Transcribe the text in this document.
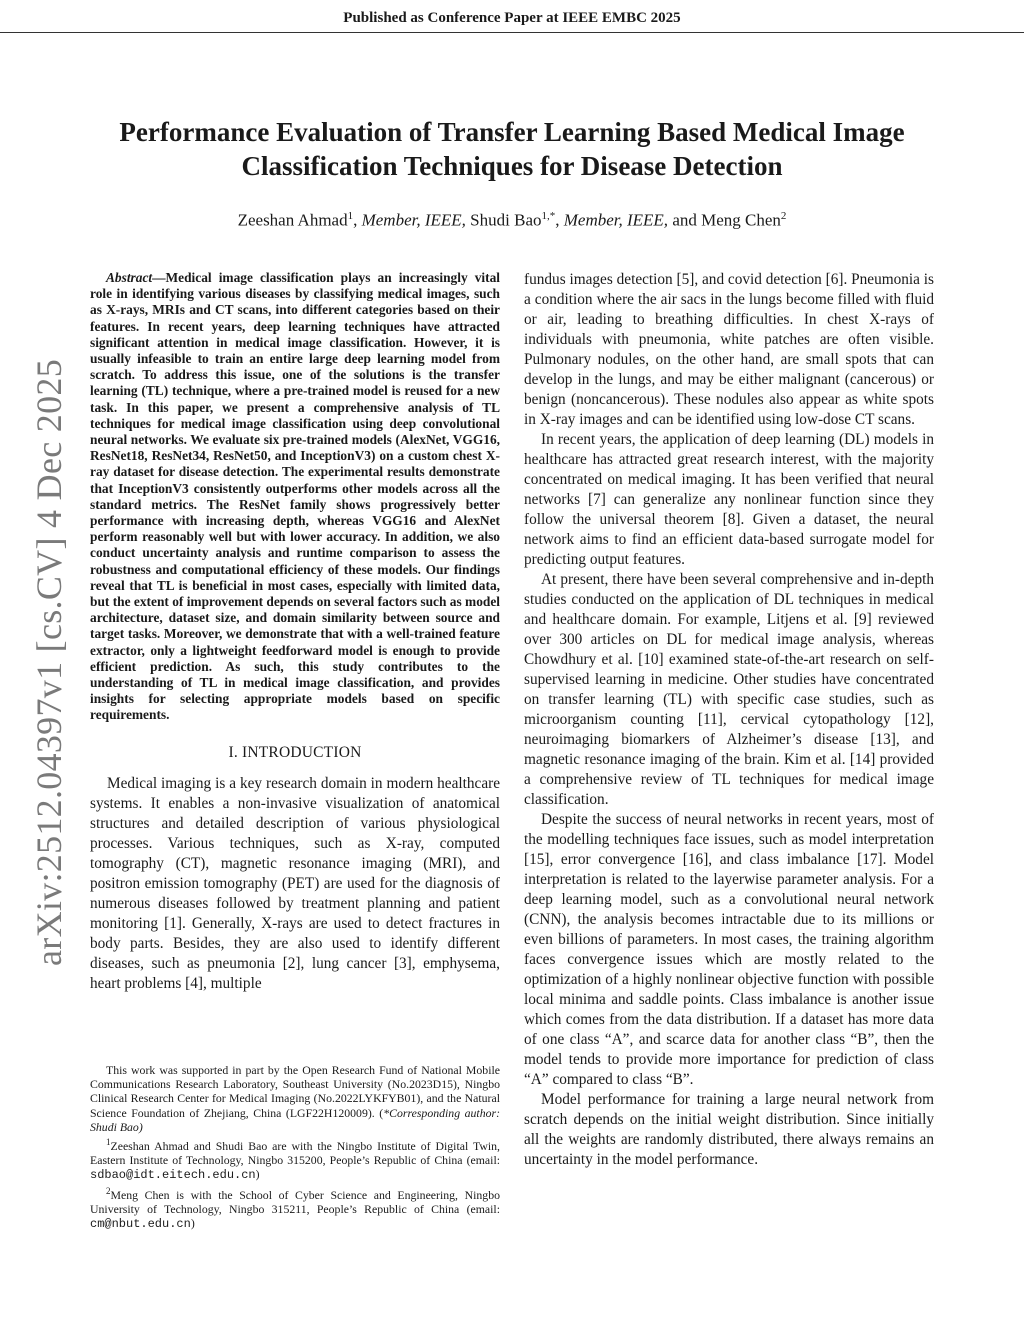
Published as Conference Paper at IEEE EMBC 2025
arXiv:2512.04397v1 [cs.CV] 4 Dec 2025
Performance Evaluation of Transfer Learning Based Medical Image Classification Techniques for Disease Detection
Zeeshan Ahmad$^1$, Member, IEEE, Shudi Bao$^{1,*}$, Member, IEEE, and Meng Chen$^2$

Abstract—Medical image classification plays an increasingly vital role in identifying various diseases by classifying medical images, such as X-rays, MRIs and CT scans, into different categories based on their features. In recent years, deep learning techniques have attracted significant attention in medical image classification. However, it is usually infeasible to train an entire large deep learning model from scratch. To address this issue, one of the solutions is the transfer learning (TL) technique, where a pre-trained model is reused for a new task. In this paper, we present a comprehensive analysis of TL techniques for medical image classification using deep convolutional neural networks. We evaluate six pre-trained models (AlexNet, VGG16, ResNet18, ResNet34, ResNet50, and InceptionV3) on a custom chest X-ray dataset for disease detection. The experimental results demonstrate that InceptionV3 consistently outperforms other models across all the standard metrics. The ResNet family shows progressively better performance with increasing depth, whereas VGG16 and AlexNet perform reasonably well but with lower accuracy. In addition, we also conduct uncertainty analysis and runtime comparison to assess the robustness and computational efficiency of these models. Our findings reveal that TL is beneficial in most cases, especially with limited data, but the extent of improvement depends on several factors such as model architecture, dataset size, and domain similarity between source and target tasks. Moreover, we demonstrate that with a well-trained feature extractor, only a lightweight feedforward model is enough to provide efficient prediction. As such, this study contributes to the understanding of TL in medical image classification, and provides insights for selecting appropriate models based on specific requirements.

I. INTRODUCTION

Medical imaging is a key research domain in modern healthcare systems. It enables a non-invasive visualization of anatomical structures and detailed description of various physiological processes. Various techniques, such as X-ray, computed tomography (CT), magnetic resonance imaging (MRI), and positron emission tomography (PET) are used for the diagnosis of numerous diseases followed by treatment planning and patient monitoring [1]. Generally, X-rays are used to detect fractures in body parts. Besides, they are also used to identify different diseases, such as pneumonia [2], lung cancer [3], emphysema, heart problems [4], multiple

This work was supported in part by the Open Research Fund of National Mobile Communications Research Laboratory, Southeast University (No.2023D15), Ningbo Clinical Research Center for Medical Imaging (No.2022LYKFYB01), and the Natural Science Foundation of Zhejiang, China (LGF22H120009). (*Corresponding author: Shudi Bao)

$^1$Zeeshan Ahmad and Shudi Bao are with the Ningbo Institute of Digital Twin, Eastern Institute of Technology, Ningbo 315200, People’s Republic of China (email: sdbao@idt.eitech.edu.cn)

$^2$Meng Chen is with the School of Cyber Science and Engineering, Ningbo University of Technology, Ningbo 315211, People’s Republic of China (email: cm@nbut.edu.cn)

fundus images detection [5], and covid detection [6]. Pneumonia is a condition where the air sacs in the lungs become filled with fluid or air, leading to breathing difficulties. In chest X-rays of individuals with pneumonia, white patches are often visible. Pulmonary nodules, on the other hand, are small spots that can develop in the lungs, and may be either malignant (cancerous) or benign (noncancerous). These nodules also appear as white spots in X-ray images and can be identified using low-dose CT scans.

In recent years, the application of deep learning (DL) models in healthcare has attracted great research interest, with the majority concentrated on medical imaging. It has been verified that neural networks [7] can generalize any nonlinear function since they follow the universal theorem [8]. Given a dataset, the neural network aims to find an efficient data-based surrogate model for predicting output features.

At present, there have been several comprehensive and in-depth studies conducted on the application of DL techniques in medical and healthcare domain. For example, Litjens et al. [9] reviewed over 300 articles on DL for medical image analysis, whereas Chowdhury et al. [10] examined state-of-the-art research on self-supervised learning in medicine. Other studies have concentrated on transfer learning (TL) with specific case studies, such as microorganism counting [11], cervical cytopathology [12], neuroimaging biomarkers of Alzheimer’s disease [13], and magnetic resonance imaging of the brain. Kim et al. [14] provided a comprehensive review of TL techniques for medical image classification.

Despite the success of neural networks in recent years, most of the modelling techniques face issues, such as model interpretation [15], error convergence [16], and class imbalance [17]. Model interpretation is related to the layerwise parameter analysis. For a deep learning model, such as a convolutional neural network (CNN), the analysis becomes intractable due to its millions or even billions of parameters. In most cases, the training algorithm faces convergence issues which are mostly related to the optimization of a highly nonlinear objective function with possible local minima and saddle points. Class imbalance is another issue which comes from the data distribution. If a dataset has more data of one class “A”, and scarce data for another class “B”, then the model tends to provide more importance for prediction of class “A” compared to class “B”.

Model performance for training a large neural network from scratch depends on the initial weight distribution. Since initially all the weights are randomly distributed, there always remains an uncertainty in the model performance.
